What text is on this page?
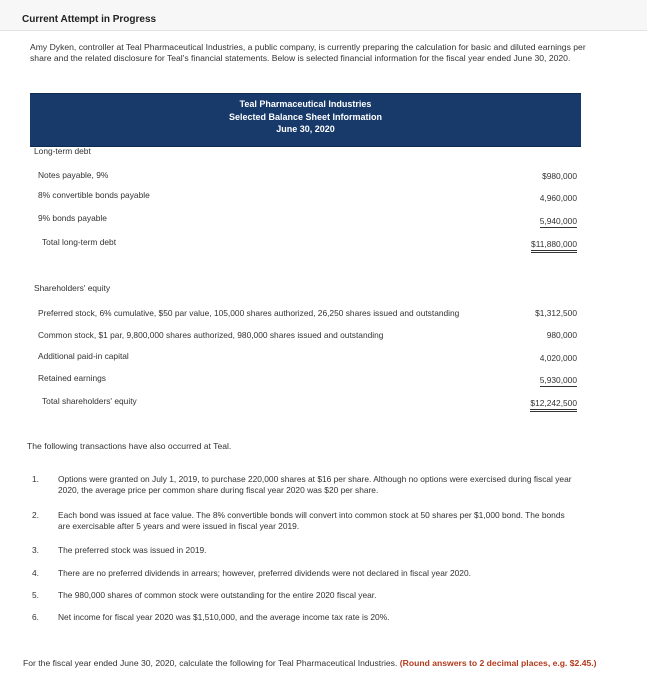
Current Attempt in Progress
Amy Dyken, controller at Teal Pharmaceutical Industries, a public company, is currently preparing the calculation for basic and diluted earnings per share and the related disclosure for Teal's financial statements. Below is selected financial information for the fiscal year ended June 30, 2020.
Teal Pharmaceutical Industries
Selected Balance Sheet Information
June 30, 2020
Long-term debt
Notes payable, 9%	$980,000
8% convertible bonds payable	4,960,000
9% bonds payable	5,940,000
Total long-term debt	$11,880,000
Shareholders' equity
Preferred stock, 6% cumulative, $50 par value, 105,000 shares authorized, 26,250 shares issued and outstanding	$1,312,500
Common stock, $1 par, 9,800,000 shares authorized, 980,000 shares issued and outstanding	980,000
Additional paid-in capital	4,020,000
Retained earnings	5,930,000
Total shareholders' equity	$12,242,500
The following transactions have also occurred at Teal.
1. Options were granted on July 1, 2019, to purchase 220,000 shares at $16 per share. Although no options were exercised during fiscal year 2020, the average price per common share during fiscal year 2020 was $20 per share.
2. Each bond was issued at face value. The 8% convertible bonds will convert into common stock at 50 shares per $1,000 bond. The bonds are exercisable after 5 years and were issued in fiscal year 2019.
3. The preferred stock was issued in 2019.
4. There are no preferred dividends in arrears; however, preferred dividends were not declared in fiscal year 2020.
5. The 980,000 shares of common stock were outstanding for the entire 2020 fiscal year.
6. Net income for fiscal year 2020 was $1,510,000, and the average income tax rate is 20%.
For the fiscal year ended June 30, 2020, calculate the following for Teal Pharmaceutical Industries. (Round answers to 2 decimal places, e.g. $2.45.)
